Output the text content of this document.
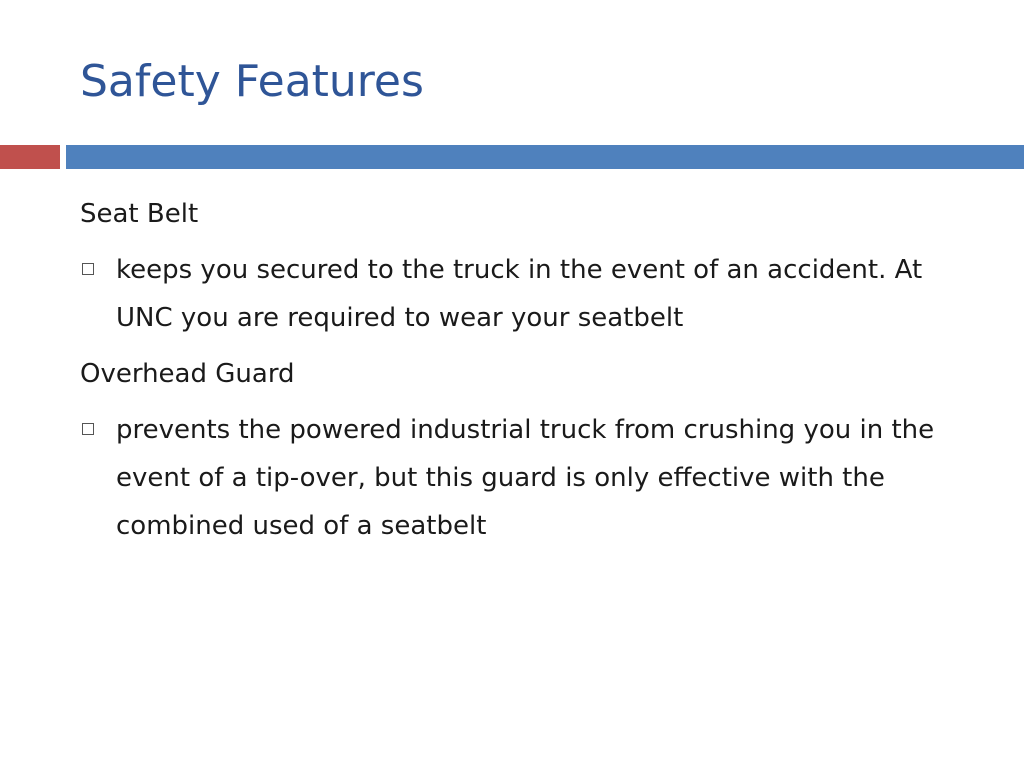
Safety Features
Seat Belt
keeps you secured to the truck in the event of an accident. At UNC you are required to wear your seatbelt
Overhead Guard
prevents the powered industrial truck from crushing you in the event of a tip-over, but this guard is only effective with the combined used of a seatbelt
